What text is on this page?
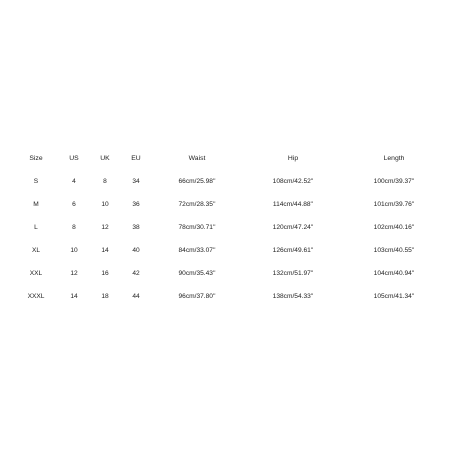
Size	US	UK	EU	Waist	Hip	Length
S	4	8	34	66cm/25.98''	108cm/42.52''	100cm/39.37''
M	6	10	36	72cm/28.35''	114cm/44.88''	101cm/39.76''
L	8	12	38	78cm/30.71''	120cm/47.24''	102cm/40.16''
XL	10	14	40	84cm/33.07''	126cm/49.61''	103cm/40.55''
XXL	12	16	42	90cm/35.43''	132cm/51.97''	104cm/40.94''
XXXL	14	18	44	96cm/37.80''	138cm/54.33''	105cm/41.34''
